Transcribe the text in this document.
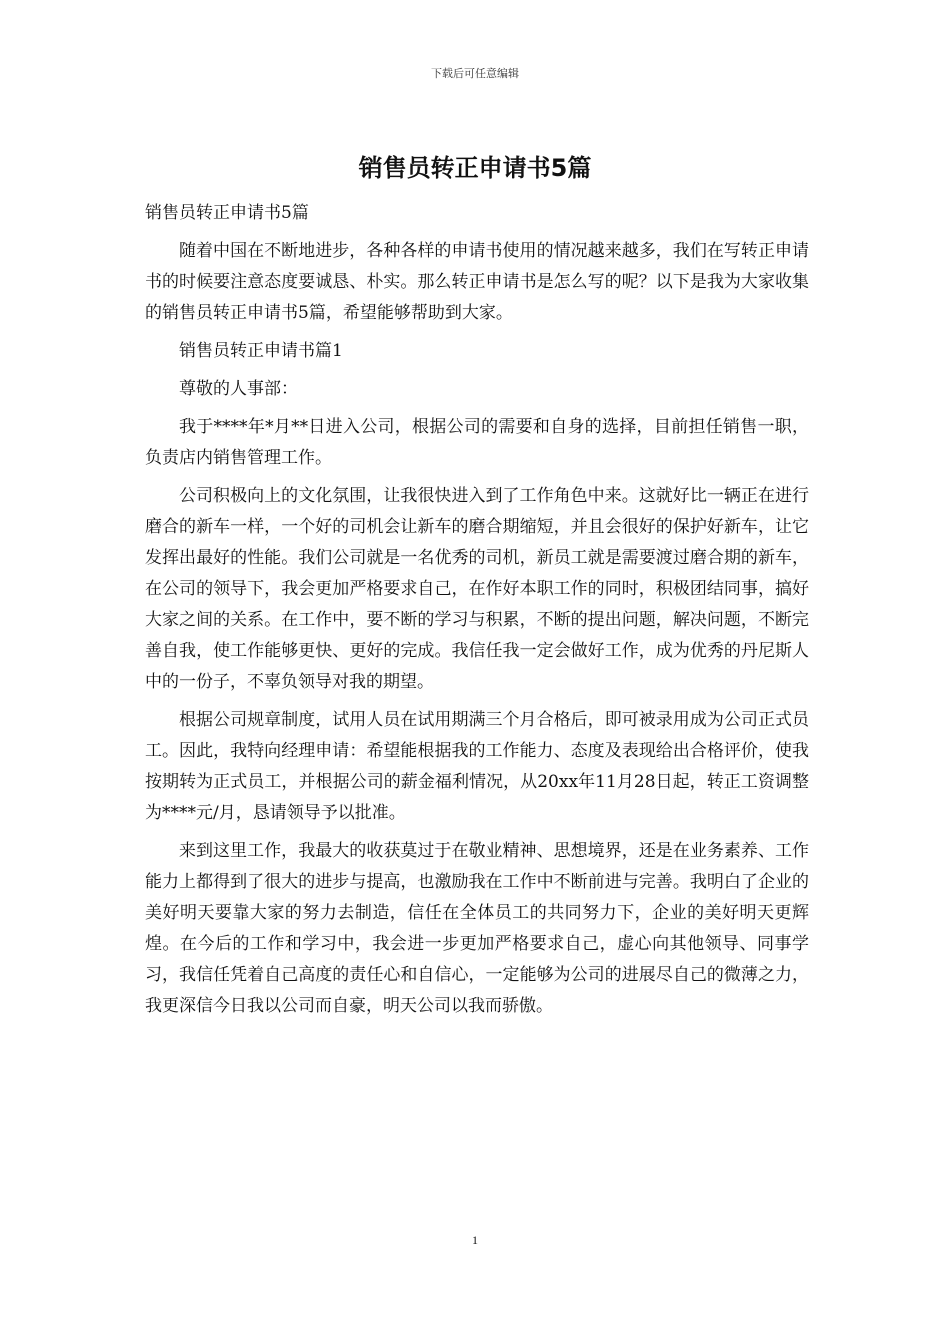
下载后可任意编辑
销售员转正申请书5篇

销售员转正申请书5篇

随着中国在不断地进步，各种各样的申请书使用的情况越来越多，我们在写转正申请书的时候要注意态度要诚恳、朴实。那么转正申请书是怎么写的呢？以下是我为大家收集的销售员转正申请书5篇，希望能够帮助到大家。

销售员转正申请书篇1

尊敬的人事部：

我于****年*月**日进入公司，根据公司的需要和自身的选择，目前担任销售一职，负责店内销售管理工作。

公司积极向上的文化氛围，让我很快进入到了工作角色中来。这就好比一辆正在进行磨合的新车一样，一个好的司机会让新车的磨合期缩短，并且会很好的保护好新车，让它发挥出最好的性能。我们公司就是一名优秀的司机，新员工就是需要渡过磨合期的新车，在公司的领导下，我会更加严格要求自己，在作好本职工作的同时，积极团结同事，搞好大家之间的关系。在工作中，要不断的学习与积累，不断的提出问题，解决问题，不断完善自我，使工作能够更快、更好的完成。我信任我一定会做好工作，成为优秀的丹尼斯人中的一份子，不辜负领导对我的期望。

根据公司规章制度，试用人员在试用期满三个月合格后，即可被录用成为公司正式员工。因此，我特向经理申请：希望能根据我的工作能力、态度及表现给出合格评价，使我按期转为正式员工，并根据公司的薪金福利情况，从20xx年11月28日起，转正工资调整为****元/月，恳请领导予以批准。

来到这里工作，我最大的收获莫过于在敬业精神、思想境界，还是在业务素养、工作能力上都得到了很大的进步与提高，也激励我在工作中不断前进与完善。我明白了企业的美好明天要靠大家的努力去制造，信任在全体员工的共同努力下，企业的美好明天更辉煌。在今后的工作和学习中，我会进一步更加严格要求自己，虚心向其他领导、同事学习，我信任凭着自己高度的责任心和自信心，一定能够为公司的进展尽自己的微薄之力，我更深信今日我以公司而自豪，明天公司以我而骄傲。

1
